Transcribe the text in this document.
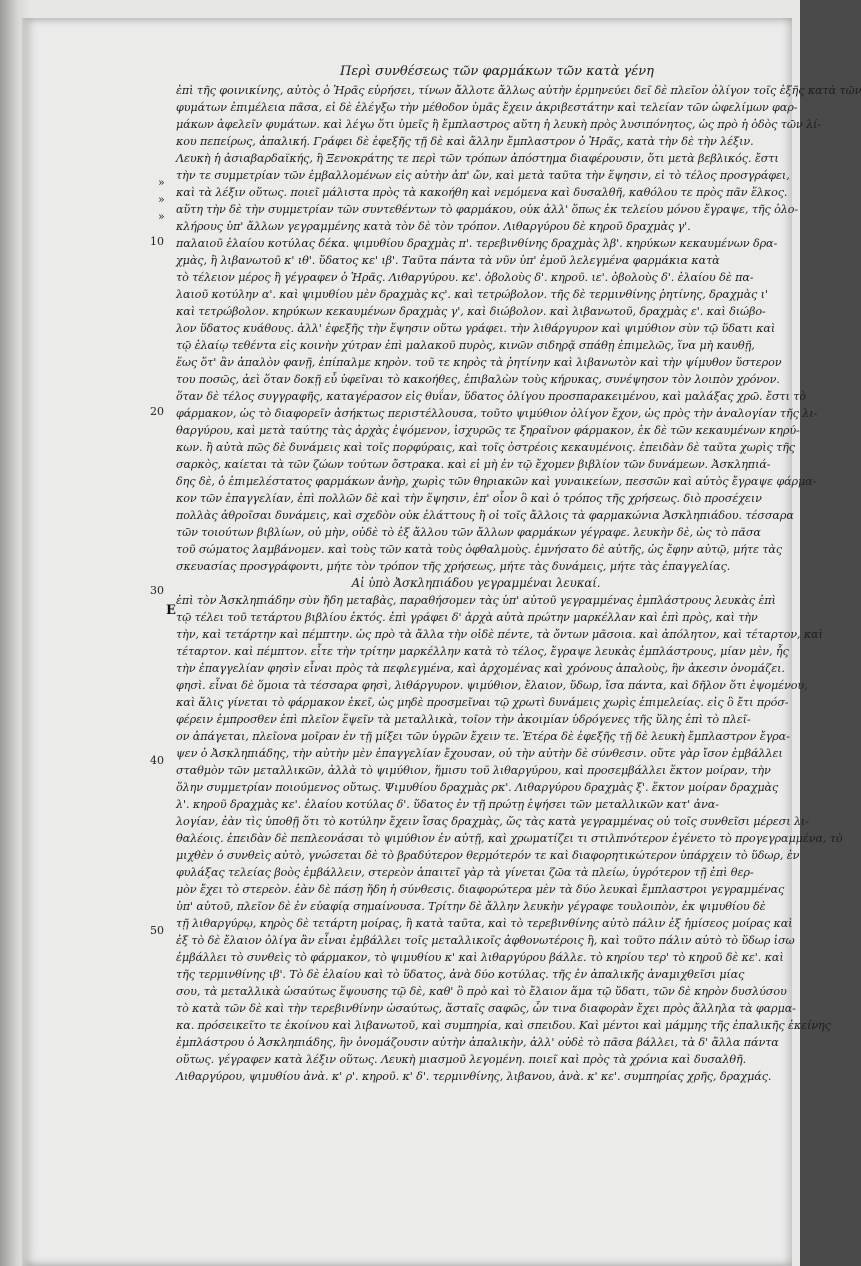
Περὶ συνθέσεως τῶν φαρμάκων τῶν κατὰ γένη
»
»
»
10
20
30
40
50
Ε
ἐπὶ τῆς φοινικίνης, αὐτὸς ὁ Ἡρᾶς εὑρήσει, τίνων ἄλλοτε ἄλλως αὐτὴν ἑρμηνεύει δεῖ δὲ πλεῖον ὀλίγον τοῖς ἑξῆς κατὰ τῶν
φυμάτων ἐπιμέλεια πᾶσα, εἰ δὲ ἐλέγξω τὴν μέθοδον ὑμᾶς ἔχειν ἀκριβεστάτην καὶ τελείαν τῶν ὠφελίμων φαρ-
μάκων ἀφελεῖν φυμάτων. καὶ λέγω ὅτι ὑμεῖς ἢ ἔμπλαστρος αὕτη ἡ λευκὴ πρὸς λυσιπόνητος, ὡς πρὸ ἡ ὁδὸς τῶν λί-
κου πεπείρως, ἀπαλική. Γράφει δὲ ἐφεξῆς τῇ δὲ καὶ ἄλλην ἔμπλαστρον ὁ Ἡρᾶς, κατὰ τὴν δὲ τὴν λέξιν.
Λευκὴ ἡ ἀσιαβαρδαϊκής, ἣ Ξενοκράτης τε περὶ τῶν τρόπων ἀπόστημα διαφέρουσιν, ὅτι μετὰ βεβλικός. ἔστι
τὴν τε συμμετρίαν τῶν ἐμβαλλομένων εἰς αὐτὴν ἀπ' ὤν, καὶ μετὰ ταῦτα τὴν ἕψησιν, εἰ τὸ τέλος προσγράφει,
καὶ τὰ λέξιν οὕτως. ποιεῖ μάλιστα πρὸς τὰ κακοήθη καὶ νεμόμενα καὶ δυσαλθῆ, καθόλου τε πρὸς πᾶν ἕλκος.
αὕτη τὴν δὲ τὴν συμμετρίαν τῶν συντεθέντων τὸ φαρμάκου, οὐκ ἀλλ' ὅπως ἐκ τελείου μόνου ἔγραψε, τῆς ὁλο-
κλήρους ὑπ' ἄλλων γεγραμμένης κατὰ τὸν δὲ τὸν τρόπον. Λιθαργύρου δὲ κηροῦ δραχμὰς γ'.
παλαιοῦ ἐλαίου κοτύλας δέκα. ψιμυθίου δραχμὰς π'. τερεβινθίνης δραχμὰς λβ'. κηρύκων κεκαυμένων δρα-
χμὰς, ἢ λιβανωτοῦ κ' ιθ'. ὕδατος κε' ιβ'. Ταῦτα πάντα τὰ νῦν ὑπ' ἐμοῦ λελεγμένα φαρμάκια κατὰ
τὸ τέλειον μέρος ἢ γέγραφεν ὁ Ἡρᾶς. Λιθαργύρου. κε'. ὀβολοὺς δ'. κηροῦ. ιε'. ὀβολοὺς δ'. ἐλαίου δὲ πα-
λαιοῦ κοτύλην α'. καὶ ψιμυθίου μὲν δραχμὰς κς'. καὶ τετρώβολον. τῆς δὲ τερμινθίνης ῥητίνης, δραχμὰς ι'
καὶ τετρώβολον. κηρύκων κεκαυμένων δραχμὰς γ', καὶ διώβολον. καὶ λιβανωτοῦ, δραχμὰς ε'. καὶ διώβο-
λον ὕδατος κυάθους. ἀλλ' ἐφεξῆς τὴν ἕψησιν οὕτω γράφει. τὴν λιθάργυρον καὶ ψιμύθιον σὺν τῷ ὕδατι καὶ
τῷ ἐλαίῳ τεθέντα εἰς κοινὴν χύτραν ἐπὶ μαλακοῦ πυρὸς, κινῶν σιδηρᾷ σπάθῃ ἐπιμελῶς, ἵνα μὴ καυθῇ,
ἕως ὅτ' ἂν ἀπαλὸν φανῇ, ἐπίπαλμε κηρὸν. τοῦ τε κηρὸς τὰ ῥητίνην καὶ λιβανωτὸν καὶ τὴν ψίμυθον ὕστερον
του ποσῶς, ἀεὶ ὅταν δοκῇ εὖ ὑφεῖναι τὸ κακοήθες, ἐπιβαλὼν τοὺς κήρυκας, συνέψησον τὸν λοιπὸν χρόνον.
ὅταν δὲ τέλος συγγραφῆς, καταγέρασον εἰς θυΐαν, ὕδατος ὀλίγου προσπαρακειμένου, καὶ μαλάξας χρῶ. ἔστι τὸ
φάρμακον, ὡς τὸ διαφορεῖν ἀσήκτως περιστέλλουσα, τοῦτο ψιμύθιον ὀλίγον ἔχον, ὡς πρὸς τὴν ἀναλογίαν τῆς λι-
θαργύρου, καὶ μετὰ ταύτης τὰς ἀρχὰς ἐψόμενον, ἰσχυρῶς τε ξηραῖνον φάρμακον, ἐκ δὲ τῶν κεκαυμένων κηρύ-
κων. ἢ αὐτὰ πῶς δὲ δυνάμεις καὶ τοῖς πορφύραις, καὶ τοῖς ὀστρέοις κεκαυμένοις. ἐπειδὰν δὲ ταῦτα χωρὶς τῆς
σαρκὸς, καίεται τὰ τῶν ζώων τούτων ὄστρακα. καὶ εἰ μὴ ἐν τῷ ἔχομεν βιβλίον τῶν δυνάμεων. Ἀσκληπιά-
δης δὲ, ὁ ἐπιμελέστατος φαρμάκων ἀνὴρ, χωρὶς τῶν θηριακῶν καὶ γυναικείων, πεσσῶν καὶ αὐτὸς ἔγραψε φάρμα-
κον τῶν ἐπαγγελίαν, ἐπὶ πολλῶν δὲ καὶ τὴν ἕψησιν, ἐπ' οἷον ὃ καὶ ὁ τρόπος τῆς χρήσεως. διὸ προσέχειν
πολλὰς ἀθροῖσαι δυνάμεις, καὶ σχεδὸν οὐκ ἐλάττους ἢ οἱ τοῖς ἄλλοις τὰ φαρμακώνια Ἀσκληπιάδου. τέσσαρα
τῶν τοιούτων βιβλίων, οὐ μὴν, οὐδὲ τὸ ἐξ ἄλλου τῶν ἄλλων φαρμάκων γέγραφε. λευκὴν δὲ, ὡς τὸ πᾶσα
τοῦ σώματος λαμβάνομεν. καὶ τοὺς τῶν κατὰ τοὺς ὀφθαλμοὺς. ἐμνήσατο δὲ αὐτῆς, ὡς ἔφην αὐτῷ, μήτε τὰς
σκευασίας προσγράφοντι, μήτε τὸν τρόπον τῆς χρήσεως, μήτε τὰς δυνάμεις, μήτε τὰς ἐπαγγελίας.
Αἱ ὑπὸ Ἀσκληπιάδου γεγραμμέναι λευκαί.
ἐπὶ τὸν Ἀσκληπιάδην σὺν ἤδη μεταβὰς, παραθήσομεν τὰς ὑπ' αὐτοῦ γεγραμμένας ἐμπλάστρους λευκὰς ἐπὶ
τῷ τέλει τοῦ τετάρτου βιβλίου ἐκτός. ἐπὶ γράφει δ' ἀρχὰ αὐτὰ πρώτην μαρκέλλαν καὶ ἐπὶ πρὸς, καὶ τὴν
τὴν, καὶ τετάρτην καὶ πέμπτην. ὡς πρὸ τὰ ἄλλα τὴν οἰδὲ πέντε, τὰ ὄντων μᾶσοια. καὶ ἀπόλητον, καὶ τέταρτον, καὶ
τέταρτον. καὶ πέμπτον. εἶτε τὴν τρίτην μαρκέλλην κατὰ τὸ τέλος, ἔγραψε λευκὰς ἐμπλάστρους, μίαν μὲν, ἧς
τὴν ἐπαγγελίαν φησὶν εἶναι πρὸς τὰ πεφλεγμένα, καὶ ἀρχομένας καὶ χρόνους ἀπαλοὺς, ἣν ἀκεσιν ὀνομάζει.
φησὶ. εἶναι δὲ ὅμοια τὰ τέσσαρα φησὶ, λιθάργυρον. ψιμύθιον, ἔλαιον, ὕδωρ, ἴσα πάντα, καὶ δῆλον ὅτι ἑψομένου,
καὶ ἅλις γίνεται τὸ φάρμακον ἐκεῖ, ὡς μηδὲ προσμεῖναι τῷ χρωτὶ δυνάμεις χωρὶς ἐπιμελείας. εἰς ὃ ἔτι πρόσ-
φέρειν ἐμπροσθεν ἐπὶ πλεῖον ἕψεῖν τὰ μεταλλικὰ, τοῖον τὴν ἀκοιμίαν ὑδρόγενες τῆς ὕλης ἐπὶ τὸ πλεῖ-
ον ἀπάγεται, πλεῖονα μοῖραν ἐν τῇ μίξει τῶν ὑγρῶν ἔχειν τε. Ἑτέρα δὲ ἐφεξῆς τῇ δὲ λευκὴ ἔμπλαστρον ἔγρα-
ψεν ὁ Ἀσκληπιάδης, τὴν αὐτὴν μὲν ἐπαγγελίαν ἔχουσαν, οὐ τὴν αὐτὴν δὲ σύνθεσιν. οὔτε γὰρ ἴσον ἐμβάλλει
σταθμὸν τῶν μεταλλικῶν, ἀλλὰ τὸ ψιμύθιον, ἥμισυ τοῦ λιθαργύρου, καὶ προσεμβάλλει ἕκτον μοίραν, τὴν
ὅλην συμμετρίαν ποιούμενος οὕτως. Ψιμυθίου δραχμὰς ρκ'. Λιθαργύρου δραχμὰς ξ'. ἕκτον μοίραν δραχμὰς
λ'. κηροῦ δραχμὰς κε'. ἐλαίου κοτύλας δ'. ὕδατος ἐν τῇ πρώτῃ ἑψήσει τῶν μεταλλικῶν κατ' ἀνα-
λογίαν, ἐὰν τὶς ὑποθῇ ὅτι τὸ κοτύλην ἔχειν ἴσας δραχμὰς, ὥς τὰς κατὰ γεγραμμένας οὐ τοῖς συνθεῖσι μέρεσι λι-
θαλέοις. ἐπειδὰν δὲ πεπλεονάσαι τὸ ψιμύθιον ἐν αὐτῇ, καὶ χρωματίζει τι στιλπνότερον ἐγένετο τὸ προγεγραμμένα, τὸ
μιχθὲν ὁ συνθεὶς αὐτὸ, γνώσεται δὲ τὸ βραδύτερον θερμότερόν τε καὶ διαφορητικώτερον ὑπάρχειν τὸ ὕδωρ, ἐν
φυλάξας τελείας βοὸς ἐμβάλλειν, στερεὸν ἀπαιτεῖ γὰρ τὰ γίνεται ζῶα τὰ πλείω, ὑγρότερον τῇ ἐπὶ θερ-
μὸν ἔχει τὸ στερεὸν. ἐὰν δὲ πάσῃ ἥδη ἡ σύνθεσις. διαφορώτερα μὲν τὰ δύο λευκαὶ ἔμπλαστροι γεγραμμένας
ὑπ' αὐτοῦ, πλεῖον δὲ ἐν εὐαφίᾳ σημαίνουσα. Τρίτην δὲ ἄλλην λευκὴν γέγραφε τουλοιπὸν, ἐκ ψιμυθίου δὲ
τῇ λιθαργύρῳ, κηρὸς δὲ τετάρτη μοίρας, ἣ κατὰ ταῦτα, καὶ τὸ τερεβινθίνης αὐτὸ πάλιν ἐξ ἡμίσεος μοίρας καὶ
ἐξ τὸ δὲ ἔλαιον ὀλίγα ἂν εἶναι ἐμβάλλει τοῖς μεταλλικοῖς ἀφθονωτέροις ἢ, καὶ τοῦτο πάλιν αὐτὸ τὸ ὕδωρ ἰσω
ἐμβάλλει τὸ συνθεὶς τὸ φάρμακον, τὸ ψιμυθίου κ' καὶ λιθαργύρου βάλλε. τὸ κηρίου τερ' τὸ κηροῦ δὲ κε'. καὶ
τῆς τερμινθίνης ιβ'. Τὸ δὲ ἐλαίου καὶ τὸ ὕδατος, ἀνὰ δύο κοτύλας. τῆς ἐν ἀπαλικῆς ἀναμιχθεῖσι μίας
σου, τὰ μεταλλικὰ ὡσαύτως ἕψουσης τῷ δὲ, καθ' ὃ πρὸ καὶ τὸ ἔλαιον ἅμα τῷ ὕδατι, τῶν δὲ κηρὸν δυσλύσου
τὸ κατὰ τῶν δὲ καὶ τὴν τερεβινθίνην ὡσαύτως, ἅσταῖς σαφῶς, ὧν τινα διαφορὰν ἔχει πρὸς ἄλληλα τὰ φαρμα-
κα. πρόσεικεῖτο τε ἑκοίνου καὶ λιβανωτοῦ, καὶ συμπηρία, καὶ σπειδου. Καὶ μέντοι καὶ μάμμης τῆς ἐπαλικῆς ἐκείνης
ἐμπλάστρου ὁ Ἀσκληπιάδης, ἣν ὀνομάζουσιν αὐτὴν ἀπαλικὴν, ἀλλ' οὐδὲ τὸ πᾶσα βάλλει, τὰ δ' ἄλλα πάντα
οὕτως. γέγραφεν κατὰ λέξιν οὕτως. Λευκὴ μιασμοῦ λεγομένη. ποιεῖ καὶ πρὸς τὰ χρόνια καὶ δυσαλθῆ.
Λιθαργύρου, ψιμυθίου ἀνὰ. κ' ρ'. κηροῦ. κ' δ'. τερμινθίνης, λιβανου, ἀνὰ. κ' κε'. συμπηρίας χρῆς, δραχμάς.
